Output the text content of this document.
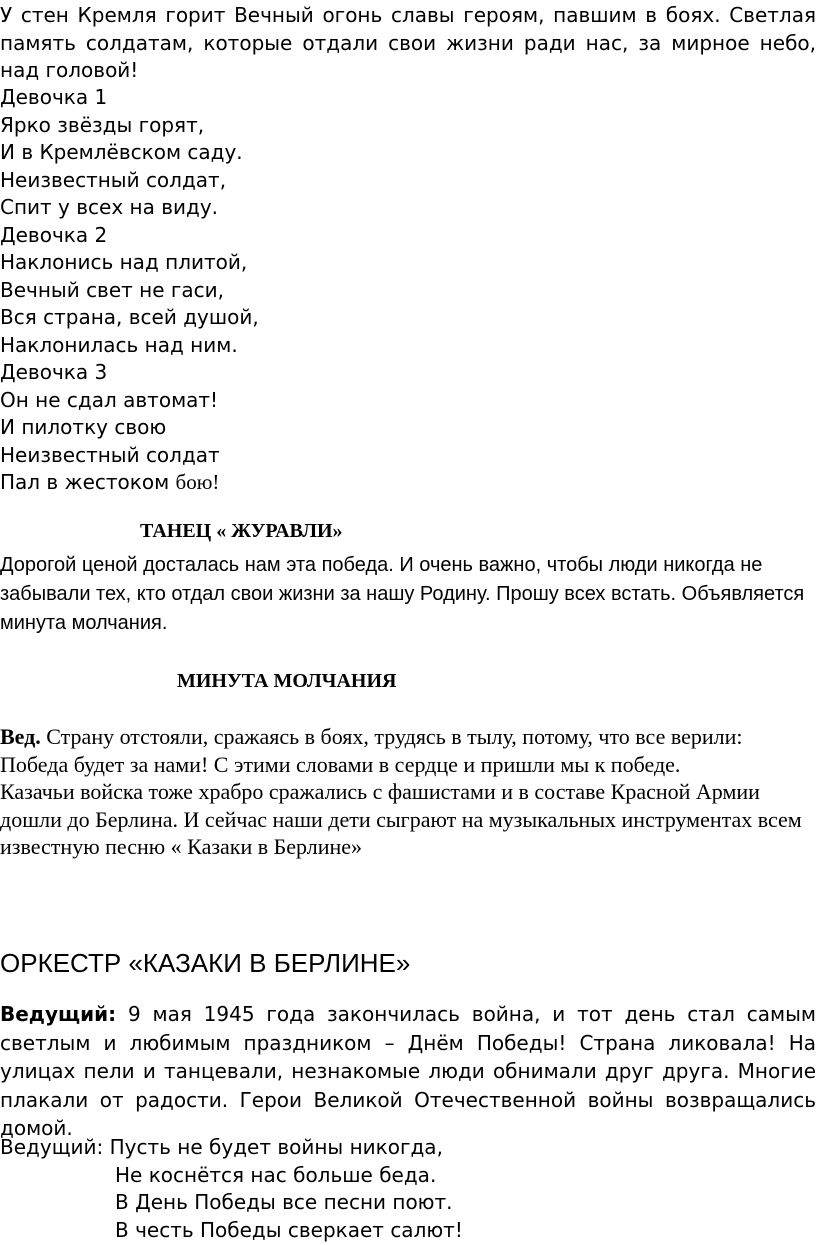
У стен Кремля горит Вечный огонь славы героям, павшим в боях. Светлая память солдатам, которые отдали свои жизни ради нас, за мирное небо, над головой!

Девочка 1
Ярко звёзды горят,
И в Кремлёвском саду.
Неизвестный солдат,
Спит у всех на виду.
Девочка 2
Наклонись над плитой,
Вечный свет не гаси,
Вся страна, всей душой,
Наклонилась над ним.
Девочка 3
Он не сдал автомат!
И пилотку свою
Неизвестный солдат
Пал в жестоком бою!
ТАНЕЦ « ЖУРАВЛИ»

Дорогой ценой досталась нам эта победа. И очень важно, чтобы люди никогда не забывали тех, кто отдал свои жизни за нашу Родину. Прошу всех встать. Объявляется минута молчания.

МИНУТА МОЛЧАНИЯ

Вед. Страну отстояли, сражаясь в боях, трудясь в тылу, потому, что все верили: Победа будет за нами! С этими словами в сердце и пришли мы к победе.

Казачьи войска тоже храбро сражались с фашистами и в составе Красной Армии дошли до Берлина. И сейчас наши дети сыграют на музыкальных инструментах всем известную песню « Казаки в Берлине»

ОРКЕСТР «КАЗАКИ В БЕРЛИНЕ»

Ведущий: 9 мая 1945 года закончилась война, и тот день стал самым светлым и любимым праздником – Днём Победы! Страна ликовала! На улицах пели и танцевали, незнакомые люди обнимали друг друга. Многие плакали от радости. Герои Великой Отечественной войны возвращались домой.

Ведущий: Пусть не будет войны никогда,
Не коснётся нас больше беда.
В День Победы все песни поют.
В честь Победы сверкает салют!
